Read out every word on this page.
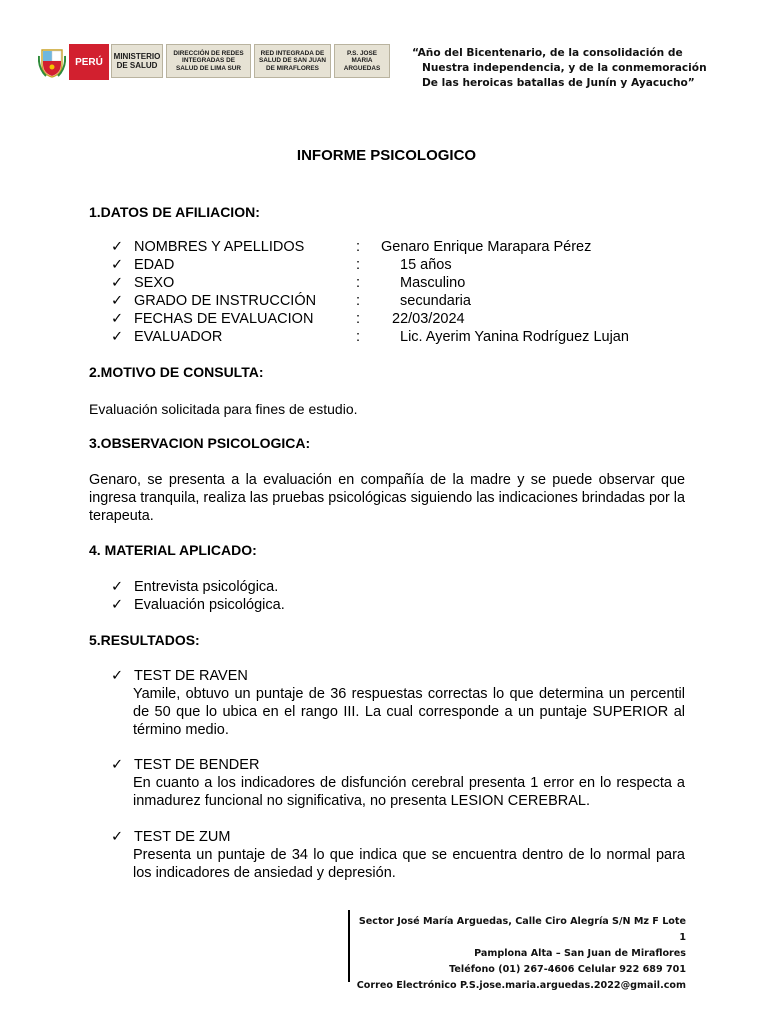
PERÚ	MINISTERIO
DE SALUD
DIRECCIÓN DE REDES
INTEGRADAS DE
SALUD DE LIMA SUR
RED INTEGRADA DE
SALUD DE SAN JUAN
DE MIRAFLORES
P.S. JOSE
MARIA
ARGUEDAS
“Año del Bicentenario, de la consolidación de
Nuestra independencia, y de la conmemoración
De las heroicas batallas de Junín y Ayacucho”
INFORME PSICOLOGICO
1.DATOS DE AFILIACION:
✓ NOMBRES Y APELLIDOS	: Genaro Enrique Marapara Pérez
✓ EDAD	:	15 años
✓ SEXO	:	Masculino
✓ GRADO DE INSTRUCCIÓN	:	secundaria
✓ FECHAS DE EVALUACION	: 22/03/2024
✓ EVALUADOR	:	Lic. Ayerim Yanina Rodríguez Lujan
2.MOTIVO DE CONSULTA:
Evaluación solicitada para fines de estudio.
3.OBSERVACION PSICOLOGICA:
Genaro, se presenta a la evaluación en compañía de la madre y se puede observar que ingresa tranquila, realiza las pruebas psicológicas siguiendo las indicaciones brindadas por la terapeuta.
4. MATERIAL APLICADO:
✓ Entrevista psicológica.
✓ Evaluación psicológica.
5.RESULTADOS:
✓ TEST DE RAVEN
Yamile, obtuvo un puntaje de 36 respuestas correctas lo que determina un percentil de 50 que lo ubica en el rango III. La cual corresponde a un puntaje SUPERIOR al término medio.
✓ TEST DE BENDER
En cuanto a los indicadores de disfunción cerebral presenta 1 error en lo respecta a inmadurez funcional no significativa, no presenta LESION CEREBRAL.
✓ TEST DE ZUM
Presenta un puntaje de 34 lo que indica que se encuentra dentro de lo normal para los indicadores de ansiedad y depresión.
Sector José María Arguedas, Calle Ciro Alegría S/N Mz F Lote 1
Pamplona Alta – San Juan de Miraflores
Teléfono (01) 267-4606 Celular 922 689 701
Correo Electrónico P.S.jose.maria.arguedas.2022@gmail.com
